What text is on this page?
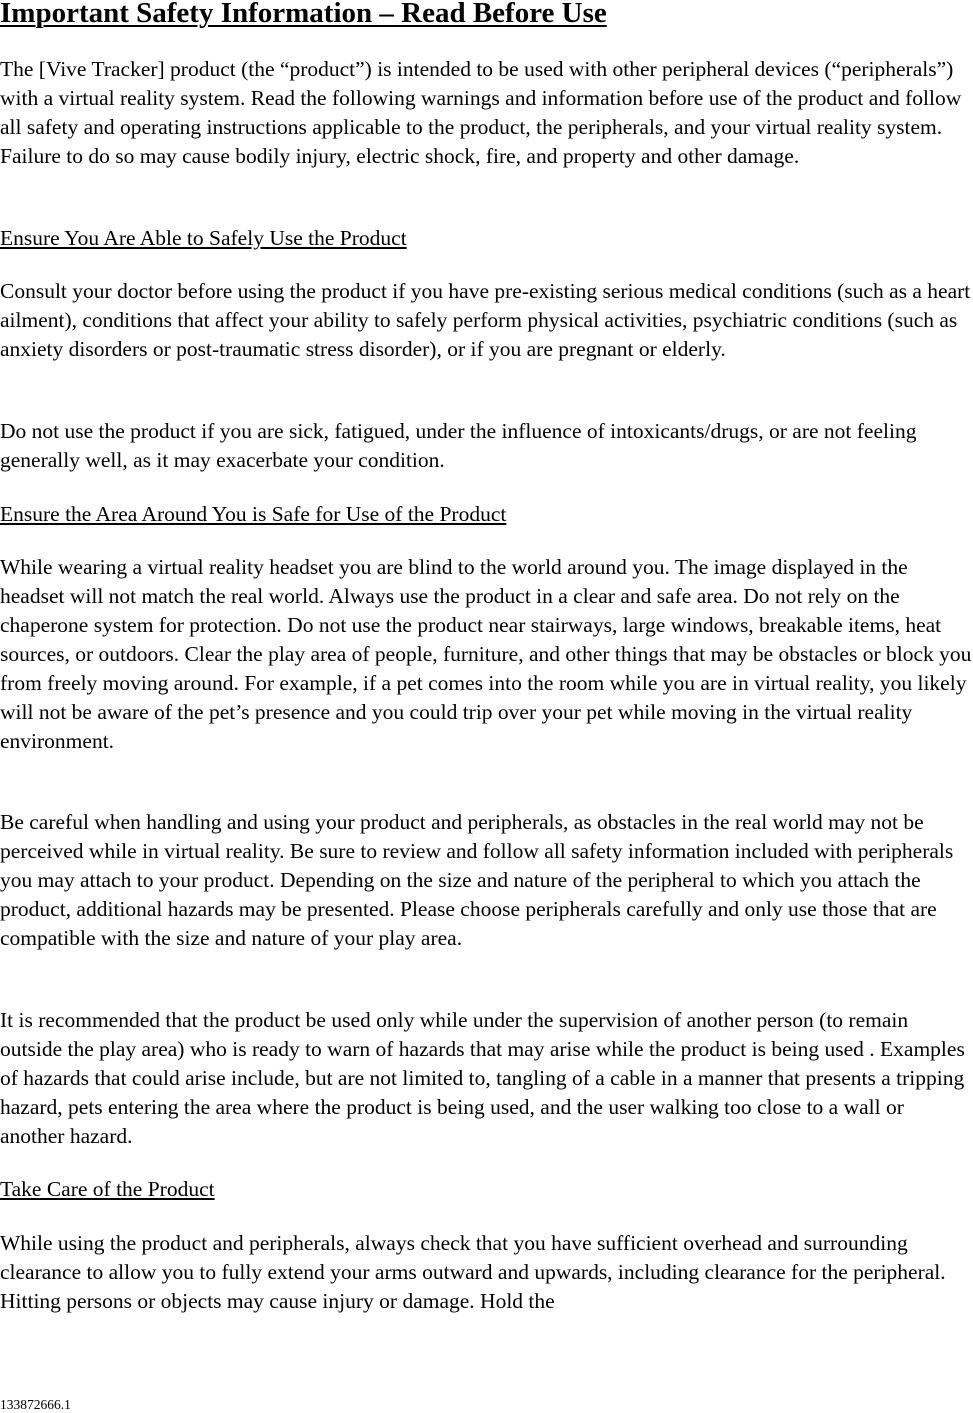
Important Safety Information – Read Before Use

The [Vive Tracker] product (the “product”) is intended to be used with other peripheral devices (“peripherals”) with a virtual reality system. Read the following warnings and information before use of the product and follow all safety and operating instructions applicable to the product, the peripherals, and your virtual reality system. Failure to do so may cause bodily injury, electric shock, fire, and property and other damage.

Ensure You Are Able to Safely Use the Product

Consult your doctor before using the product if you have pre-existing serious medical conditions (such as a heart ailment), conditions that affect your ability to safely perform physical activities, psychiatric conditions (such as anxiety disorders or post-traumatic stress disorder), or if you are pregnant or elderly.

Do not use the product if you are sick, fatigued, under the influence of intoxicants/drugs, or are not feeling generally well, as it may exacerbate your condition.

Ensure the Area Around You is Safe for Use of the Product

While wearing a virtual reality headset you are blind to the world around you. The image displayed in the headset will not match the real world. Always use the product in a clear and safe area. Do not rely on the chaperone system for protection. Do not use the product near stairways, large windows, breakable items, heat sources, or outdoors. Clear the play area of people, furniture, and other things that may be obstacles or block you from freely moving around. For example, if a pet comes into the room while you are in virtual reality, you likely will not be aware of the pet’s presence and you could trip over your pet while moving in the virtual reality environment.

Be careful when handling and using your product and peripherals, as obstacles in the real world may not be perceived while in virtual reality. Be sure to review and follow all safety information included with peripherals you may attach to your product. Depending on the size and nature of the peripheral to which you attach the product, additional hazards may be presented. Please choose peripherals carefully and only use those that are compatible with the size and nature of your play area.

It is recommended that the product be used only while under the supervision of another person (to remain outside the play area) who is ready to warn of hazards that may arise while the product is being used . Examples of hazards that could arise include, but are not limited to, tangling of a cable in a manner that presents a tripping hazard, pets entering the area where the product is being used, and the user walking too close to a wall or another hazard.

Take Care of the Product

While using the product and peripherals, always check that you have sufficient overhead and surrounding clearance to allow you to fully extend your arms outward and upwards, including clearance for the peripheral. Hitting persons or objects may cause injury or damage. Hold the

133872666.1
